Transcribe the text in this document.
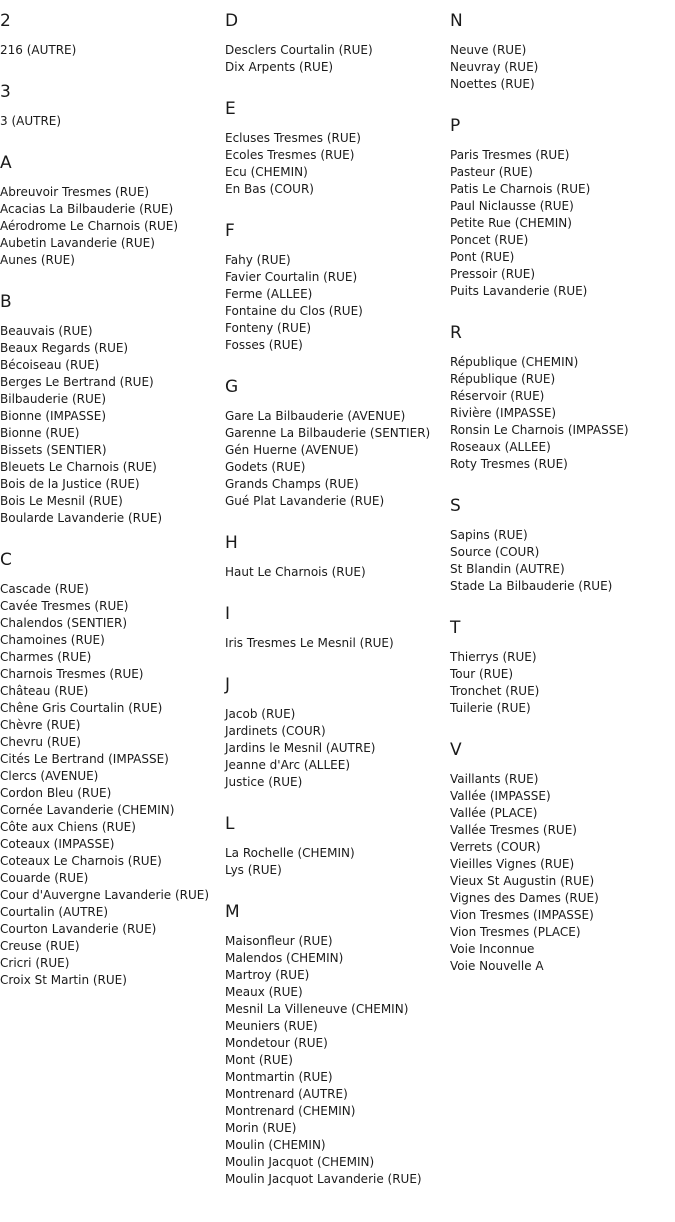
2
216 (AUTRE)
3
3 (AUTRE)
A
Abreuvoir Tresmes (RUE)
Acacias La Bilbauderie (RUE)
Aérodrome Le Charnois (RUE)
Aubetin Lavanderie (RUE)
Aunes (RUE)
B
Beauvais (RUE)
Beaux Regards (RUE)
Bécoiseau (RUE)
Berges Le Bertrand (RUE)
Bilbauderie (RUE)
Bionne (IMPASSE)
Bionne (RUE)
Bissets (SENTIER)
Bleuets Le Charnois (RUE)
Bois de la Justice (RUE)
Bois Le Mesnil (RUE)
Boularde Lavanderie (RUE)
C
Cascade (RUE)
Cavée Tresmes (RUE)
Chalendos (SENTIER)
Chamoines (RUE)
Charmes (RUE)
Charnois Tresmes (RUE)
Château (RUE)
Chêne Gris Courtalin (RUE)
Chèvre (RUE)
Chevru (RUE)
Cités Le Bertrand (IMPASSE)
Clercs (AVENUE)
Cordon Bleu (RUE)
Cornée Lavanderie (CHEMIN)
Côte aux Chiens (RUE)
Coteaux (IMPASSE)
Coteaux Le Charnois (RUE)
Couarde (RUE)
Cour d'Auvergne Lavanderie (RUE)
Courtalin (AUTRE)
Courton Lavanderie (RUE)
Creuse (RUE)
Cricri (RUE)
Croix St Martin (RUE)
D
Desclers Courtalin (RUE)
Dix Arpents (RUE)
E
Ecluses Tresmes (RUE)
Ecoles Tresmes (RUE)
Ecu (CHEMIN)
En Bas (COUR)
F
Fahy (RUE)
Favier Courtalin (RUE)
Ferme (ALLEE)
Fontaine du Clos (RUE)
Fonteny (RUE)
Fosses (RUE)
G
Gare La Bilbauderie (AVENUE)
Garenne La Bilbauderie (SENTIER)
Gén Huerne (AVENUE)
Godets (RUE)
Grands Champs (RUE)
Gué Plat Lavanderie (RUE)
H
Haut Le Charnois (RUE)
I
Iris Tresmes Le Mesnil (RUE)
J
Jacob (RUE)
Jardinets (COUR)
Jardins le Mesnil (AUTRE)
Jeanne d'Arc (ALLEE)
Justice (RUE)
L
La Rochelle (CHEMIN)
Lys (RUE)
M
Maisonfleur (RUE)
Malendos (CHEMIN)
Martroy (RUE)
Meaux (RUE)
Mesnil La Villeneuve (CHEMIN)
Meuniers (RUE)
Mondetour (RUE)
Mont (RUE)
Montmartin (RUE)
Montrenard (AUTRE)
Montrenard (CHEMIN)
Morin (RUE)
Moulin (CHEMIN)
Moulin Jacquot (CHEMIN)
Moulin Jacquot Lavanderie (RUE)
N
Neuve (RUE)
Neuvray (RUE)
Noettes (RUE)
P
Paris Tresmes (RUE)
Pasteur (RUE)
Patis Le Charnois (RUE)
Paul Niclausse (RUE)
Petite Rue (CHEMIN)
Poncet (RUE)
Pont (RUE)
Pressoir (RUE)
Puits Lavanderie (RUE)
R
République (CHEMIN)
République (RUE)
Réservoir (RUE)
Rivière (IMPASSE)
Ronsin Le Charnois (IMPASSE)
Roseaux (ALLEE)
Roty Tresmes (RUE)
S
Sapins (RUE)
Source (COUR)
St Blandin (AUTRE)
Stade La Bilbauderie (RUE)
T
Thierrys (RUE)
Tour (RUE)
Tronchet (RUE)
Tuilerie (RUE)
V
Vaillants (RUE)
Vallée (IMPASSE)
Vallée (PLACE)
Vallée Tresmes (RUE)
Verrets (COUR)
Vieilles Vignes (RUE)
Vieux St Augustin (RUE)
Vignes des Dames (RUE)
Vion Tresmes (IMPASSE)
Vion Tresmes (PLACE)
Voie Inconnue
Voie Nouvelle A
